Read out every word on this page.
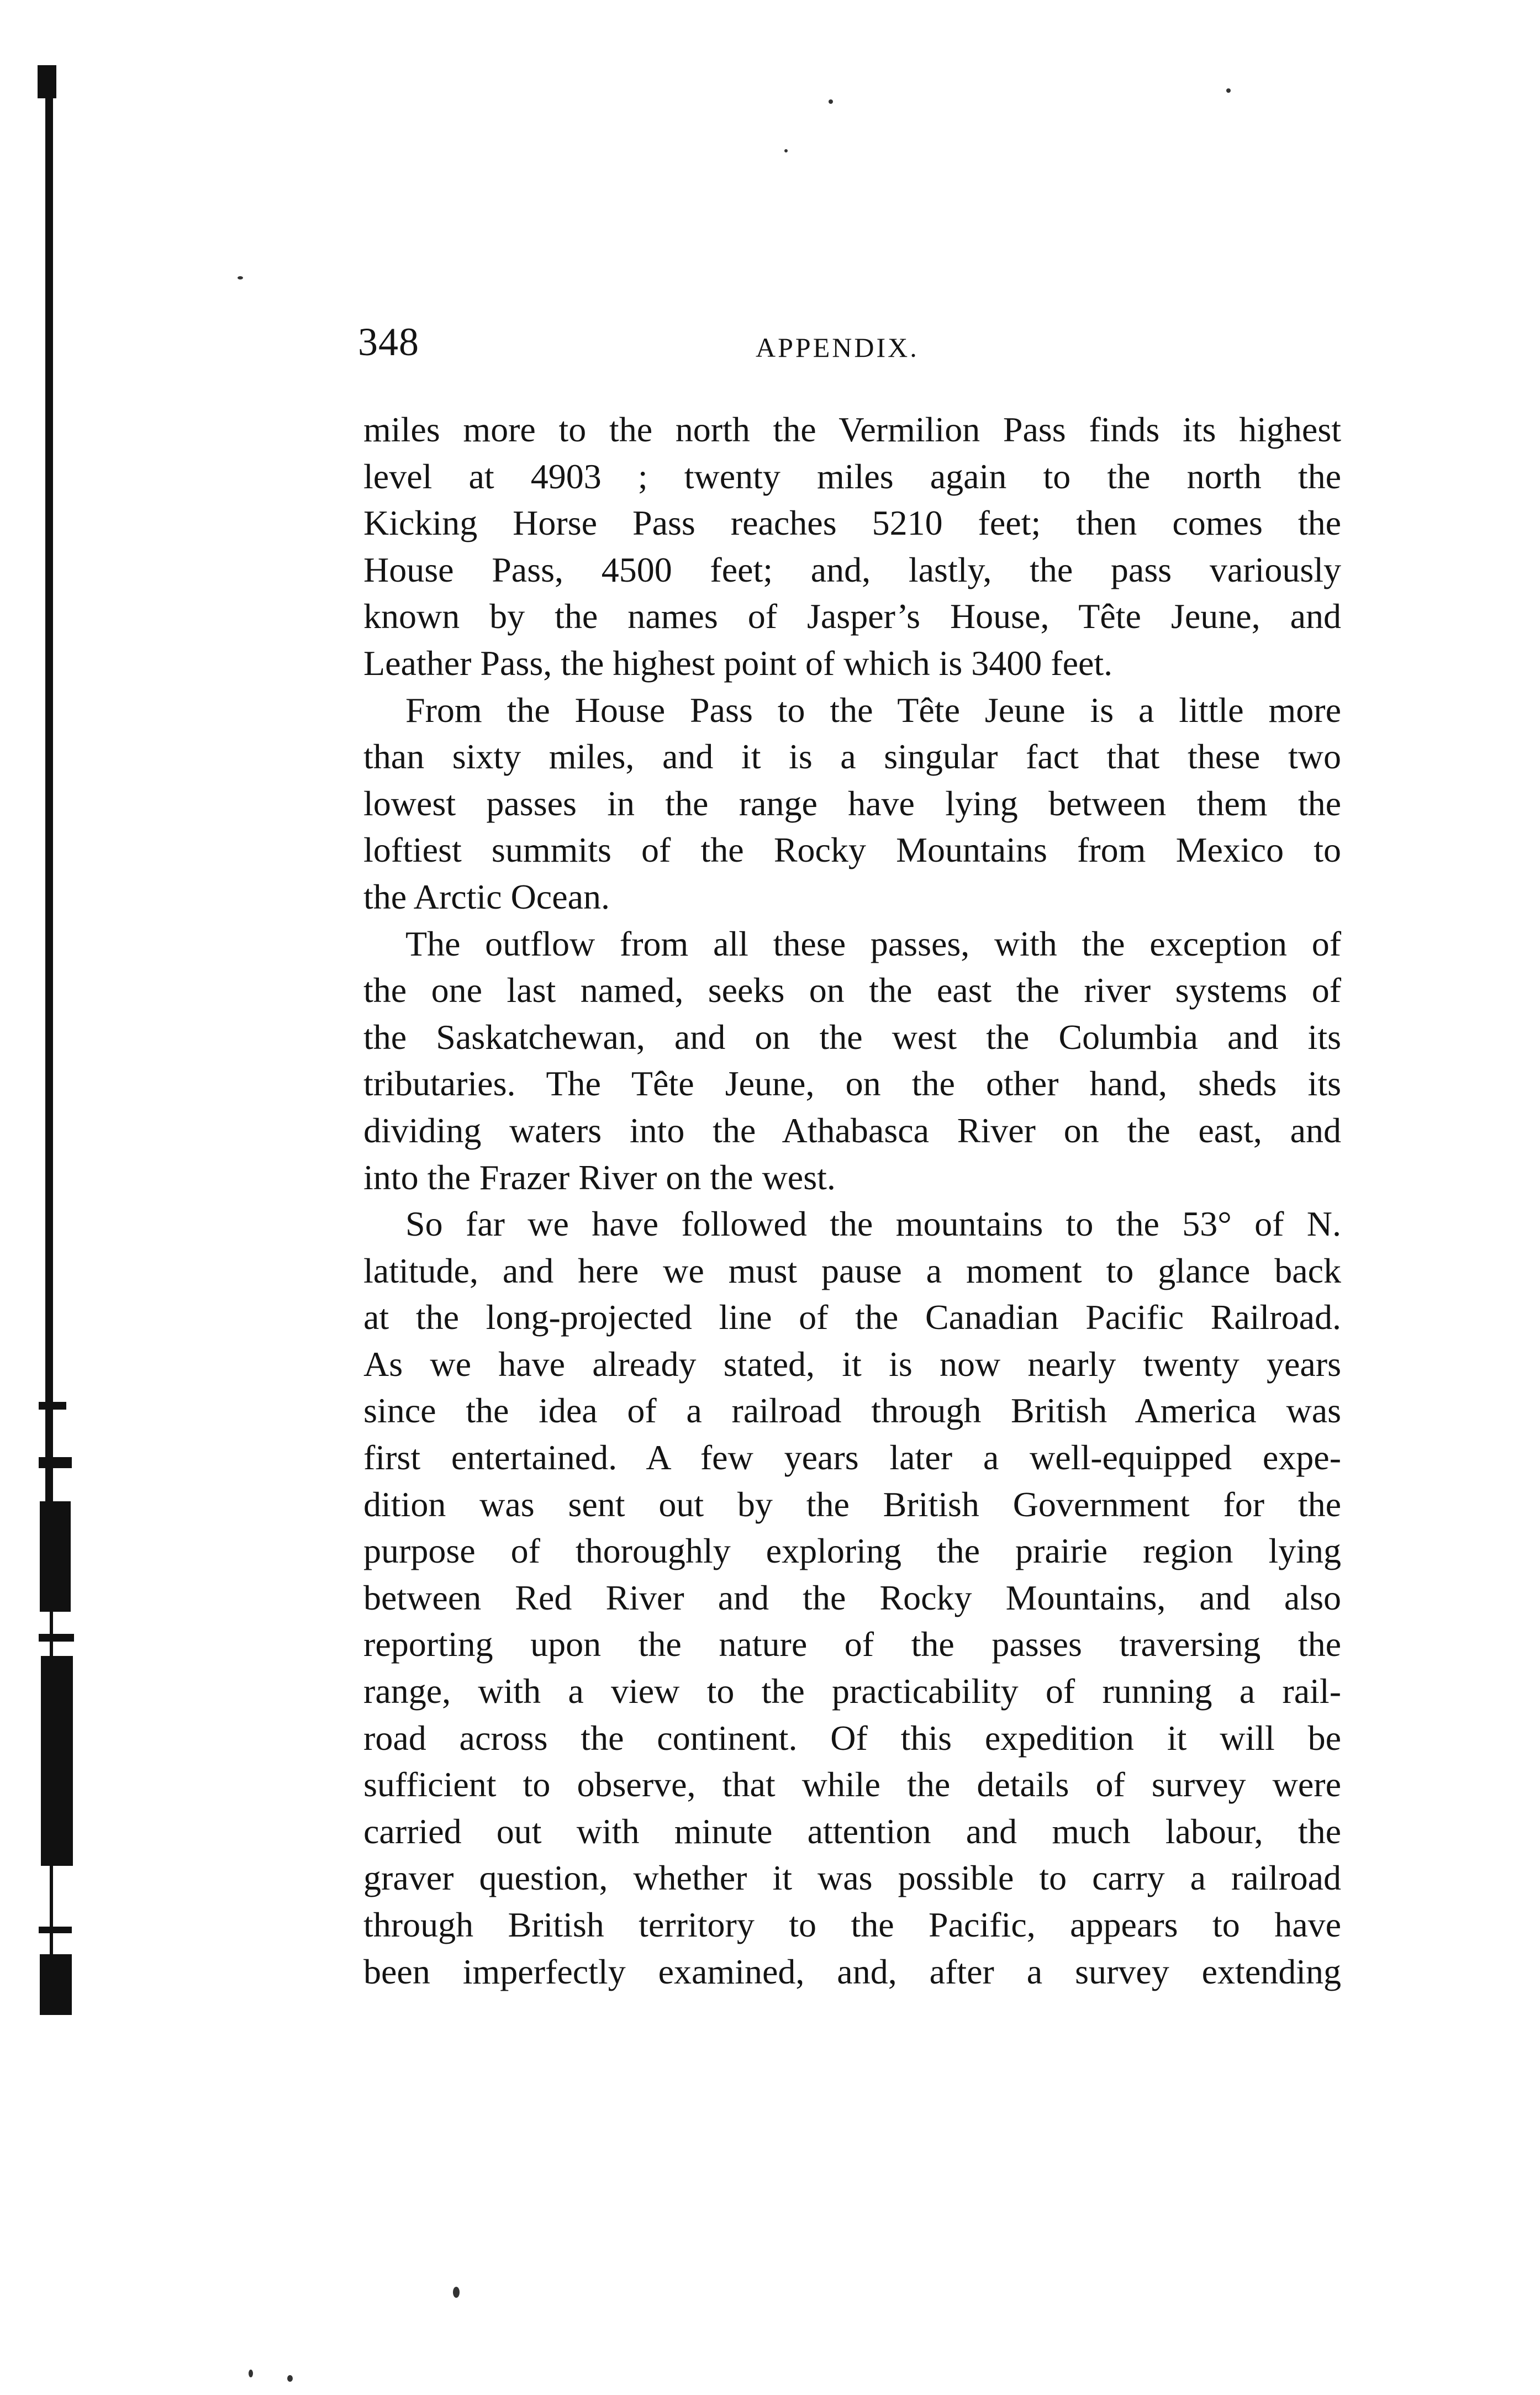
348	APPENDIX.
miles more to the north the Vermilion Pass finds its highest
level at 4903 ; twenty miles again to the north the
Kicking Horse Pass reaches 5210 feet; then comes the
House Pass, 4500 feet; and, lastly, the pass variously
known by the names of Jasper’s House, Tête Jeune, and
Leather Pass, the highest point of which is 3400 feet.
From the House Pass to the Tête Jeune is a little more
than sixty miles, and it is a singular fact that these two
lowest passes in the range have lying between them the
loftiest summits of the Rocky Mountains from Mexico to
the Arctic Ocean.
The outflow from all these passes, with the exception of
the one last named, seeks on the east the river systems of
the Saskatchewan, and on the west the Columbia and its
tributaries. The Tête Jeune, on the other hand, sheds its
dividing waters into the Athabasca River on the east, and
into the Frazer River on the west.
So far we have followed the mountains to the 53° of N.
latitude, and here we must pause a moment to glance back
at the long-projected line of the Canadian Pacific Railroad.
As we have already stated, it is now nearly twenty years
since the idea of a railroad through British America was
first entertained. A few years later a well-equipped expe-
dition was sent out by the British Government for the
purpose of thoroughly exploring the prairie region lying
between Red River and the Rocky Mountains, and also
reporting upon the nature of the passes traversing the
range, with a view to the practicability of running a rail-
road across the continent. Of this expedition it will be
sufficient to observe, that while the details of survey were
carried out with minute attention and much labour, the
graver question, whether it was possible to carry a railroad
through British territory to the Pacific, appears to have
been imperfectly examined, and, after a survey extending
